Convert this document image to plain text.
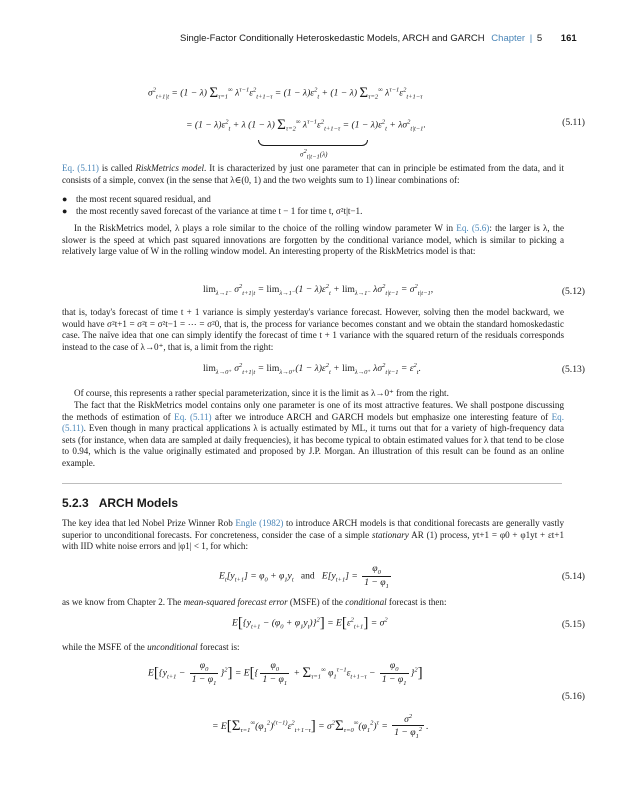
Single-Factor Conditionally Heteroskedastic Models, ARCH and GARCH Chapter | 5 161
$\sigma^2_{t+1|t} = (1 - \lambda)$ $\Sigma_{\tau=1}^\infty$ $\lambda^{\tau-1}\varepsilon^2_{t+1-\tau} = (1 - \lambda)\varepsilon^2_t + (1 - \lambda)$ $\Sigma_{\tau=2}^\infty$ $\lambda^{\tau-1}\varepsilon^2_{t+1-\tau}$
= $(1 - \lambda)\varepsilon^2_t + \lambda$ (1 − λ) $\Sigma_{\tau=2}^\infty$ $\lambda^{\tau-1}\varepsilon^2_{t+1-\tau} = (1 - \lambda)\varepsilon^2_t + \lambda\sigma^2_{t|t-1}$.
$\sigma^2_{t|t-1}(\lambda)$
(5.11)
Eq. (5.11) is called RiskMetrics model. It is characterized by just one parameter that can in principle be estimated from the data, and it consists of a simple, convex (in the sense that λ∈(0, 1) and the two weights sum to 1) linear combinations of:
● the most recent squared residual, and
● the most recently saved forecast of the variance at time t − 1 for time t, σ²t|t−1.
In the RiskMetrics model, λ plays a role similar to the choice of the rolling window parameter W in Eq. (5.6): the larger is λ, the slower is the speed at which past squared innovations are forgotten by the conditional variance model, which is similar to picking a relatively large value of W in the rolling window model. An interesting property of the RiskMetrics model is that:
$\lim_{\lambda\to 1^-} \sigma^2_{t+1|t} = \lim_{\lambda\to 1^-}(1 - \lambda)\varepsilon^2_t + \lim_{\lambda\to 1^-} \lambda\sigma^2_{t|t-1} = \sigma^2_{t|t-1}$,	(5.12)
that is, today's forecast of time t + 1 variance is simply yesterday's variance forecast. However, solving then the model backward, we would have σ²t+1 = σ²t = σ²t−1 = ⋯ = σ²0, that is, the process for variance becomes constant and we obtain the standard homoskedastic case. The naïve idea that one can simply identify the forecast of time t + 1 variance with the squared return of the residuals corresponds instead to the case of λ→0⁺, that is, a limit from the right:
$\lim_{\lambda\to 0^+} \sigma^2_{t+1|t} = \lim_{\lambda\to 0^+}(1 - \lambda)\varepsilon^2_t + \lim_{\lambda\to 0^+} \lambda\sigma^2_{t|t-1} = \varepsilon^2_t$.	(5.13)
Of course, this represents a rather special parameterization, since it is the limit as λ→0⁺ from the right.
The fact that the RiskMetrics model contains only one parameter is one of its most attractive features. We shall postpone discussing the methods of estimation of Eq. (5.11) after we introduce ARCH and GARCH models but emphasize one interesting feature of Eq. (5.11). Even though in many practical applications λ is actually estimated by ML, it turns out that for a variety of high-frequency data sets (for instance, when data are sampled at daily frequencies), it has become typical to obtain estimated values for λ that tend to be close to 0.94, which is the value originally estimated and proposed by J.P. Morgan. An illustration of this result can be found as an online example.
5.2.3 ARCH Models
The key idea that led Nobel Prize Winner Rob Engle (1982) to introduce ARCH models is that conditional forecasts are generally vastly superior to unconditional forecasts. For concreteness, consider the case of a simple stationary AR (1) process, yt+1 = φ0 + φ1yt + εt+1 with IID white noise errors and |φ1| < 1, for which:
$E_t[y_{t+1}] = \varphi_0 + \varphi_1y_t$ and   $E[y_{t+1}] = \frac{\varphi_0}{1 - \varphi_1}$	(5.14)
as we know from Chapter 2. The mean-squared forecast error (MSFE) of the conditional forecast is then:
$E[\{y_{t+1} - (\varphi_0 + \varphi_1y_t)\}^2] = E[\varepsilon^2_{t+1}] = \sigma^2$	(5.15)
while the MSFE of the unconditional forecast is:
$E[\{y_{t+1} - \frac{\varphi_0}{1 - \varphi_1} \}^2] = E[\{ \frac{\varphi_0}{1 - \varphi_1} + \Sigma_{\tau=1}^\infty$ $\varphi_1^{\tau-1}\varepsilon_{t+1-\tau} - \frac{\varphi_0}{1 - \varphi_1} \}^2$]
= $E[\Sigma_{\tau=1}^\infty(\varphi_1^2)^{(\tau-1)}\varepsilon^2_{t+1-\tau}] = \sigma^2\Sigma_{\tau=0}^\infty(\varphi_1^2)^\tau = \frac{\sigma^2}{1 - \varphi_1^2}$ .
(5.16)
